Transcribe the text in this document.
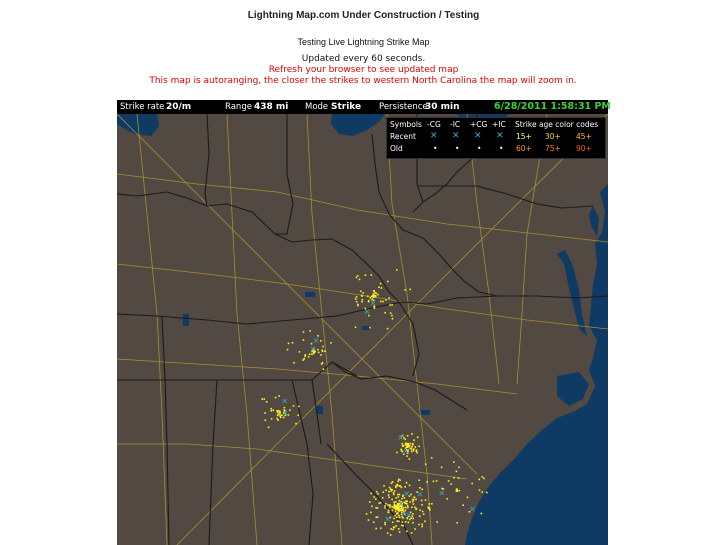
Lightning Map.com Under Construction / Testing
Testing Live Lightning Strike Map
Updated every 60 seconds.
Refresh your browser to see updated map
This map is autoranging, the closer the strikes to western North Carolina the map will zoom in.
Strike rate 20/m	Range 438 mi Mode Strike Persistence
30 min	6/28/2011 1:58:31 PM
✕
✕
✕
✕
✕
✕
✕
✕
✕
✕
✕
✕
✕
✕
✕
✕
Symbols -CG -IC +CG +IC Strike age color codes
Recent ✕ ✕ ✕ ✕ 15+ 30+ 45+
Old	• • • • 60+ 75+ 90+
